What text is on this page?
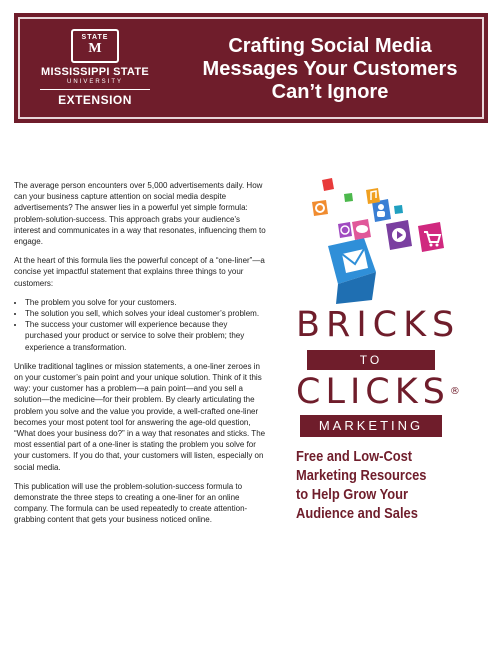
STATE
M
MISSISSIPPI STATE
UNIVERSITY
EXTENSION
Crafting Social Media
Messages Your Customers
Can’t Ignore

The average person encounters over 5,000 advertisements daily. How can your business capture attention on social media despite advertisements? The answer lies in a powerful yet simple formula: problem-solution-success. This approach grabs your audience’s interest and communicates in a way that resonates, influencing them to engage.

At the heart of this formula lies the powerful concept of a “one-liner”—a concise yet impactful statement that explains three things to your customers:

• The problem you solve for your customers.
• The solution you sell, which solves your ideal customer’s problem.
• The success your customer will experience because they purchased your product or service to solve their problem; they experience a transformation.

Unlike traditional taglines or mission statements, a one-liner zeroes in on your customer’s pain point and your unique solution. Think of it this way: your customer has a problem—a pain point—and you sell a solution—the medicine—for their problem. By clearly articulating the problem you solve and the value you provide, a well-crafted one-liner becomes your most potent tool for answering the age-old question, “What does your business do?” in a way that resonates and sticks. The most essential part of a one-liner is stating the problem you solve for your customers. If you do that, your customers will listen, especially on social media.

This publication will use the problem-solution-success formula to demonstrate the three steps to creating a one-liner for an online company. The formula can be used repeatedly to create attention-grabbing content that gets your business noticed online.

BRICKS
TO
CLICKS®
MARKETING
Free and Low-Cost
Marketing Resources
to Help Grow Your
Audience and Sales
